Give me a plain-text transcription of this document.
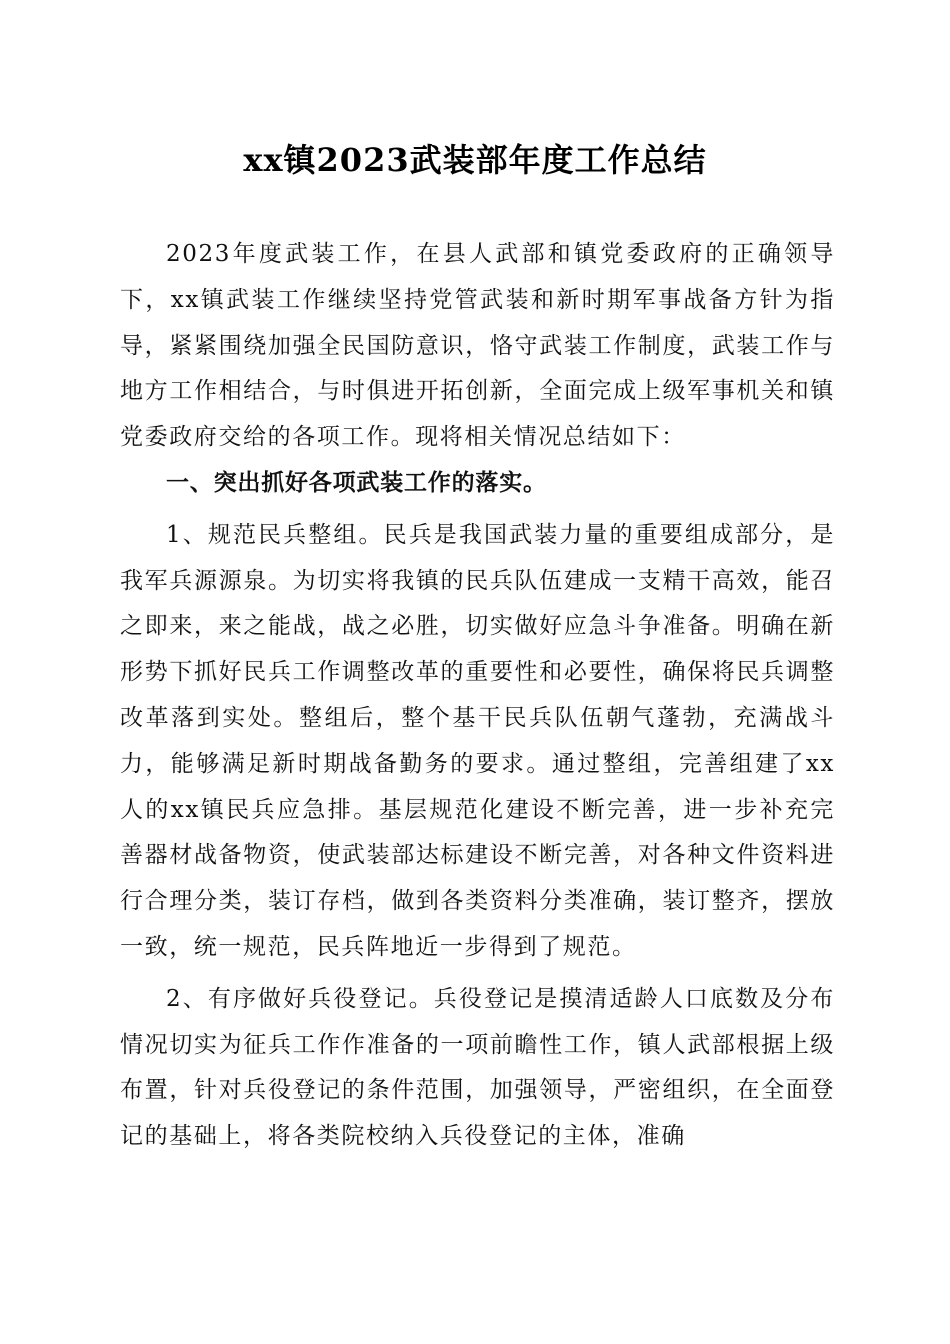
xx镇2023武装部年度工作总结

2023年度武装工作，在县人武部和镇党委政府的正确领导下，xx镇武装工作继续坚持党管武装和新时期军事战备方针为指导，紧紧围绕加强全民国防意识，恪守武装工作制度，武装工作与地方工作相结合，与时俱进开拓创新，全面完成上级军事机关和镇党委政府交给的各项工作。现将相关情况总结如下：

一、突出抓好各项武装工作的落实。

1、规范民兵整组。民兵是我国武装力量的重要组成部分，是我军兵源源泉。为切实将我镇的民兵队伍建成一支精干高效，能召之即来，来之能战，战之必胜，切实做好应急斗争准备。明确在新形势下抓好民兵工作调整改革的重要性和必要性，确保将民兵调整改革落到实处。整组后，整个基干民兵队伍朝气蓬勃，充满战斗力，能够满足新时期战备勤务的要求。通过整组，完善组建了xx人的xx镇民兵应急排。基层规范化建设不断完善，进一步补充完善器材战备物资，使武装部达标建设不断完善，对各种文件资料进行合理分类，装订存档，做到各类资料分类准确，装订整齐，摆放一致，统一规范，民兵阵地近一步得到了规范。

2、有序做好兵役登记。兵役登记是摸清适龄人口底数及分布情况切实为征兵工作作准备的一项前瞻性工作，镇人武部根据上级布置，针对兵役登记的条件范围，加强领导，严密组织，在全面登记的基础上，将各类院校纳入兵役登记的主体，准确
